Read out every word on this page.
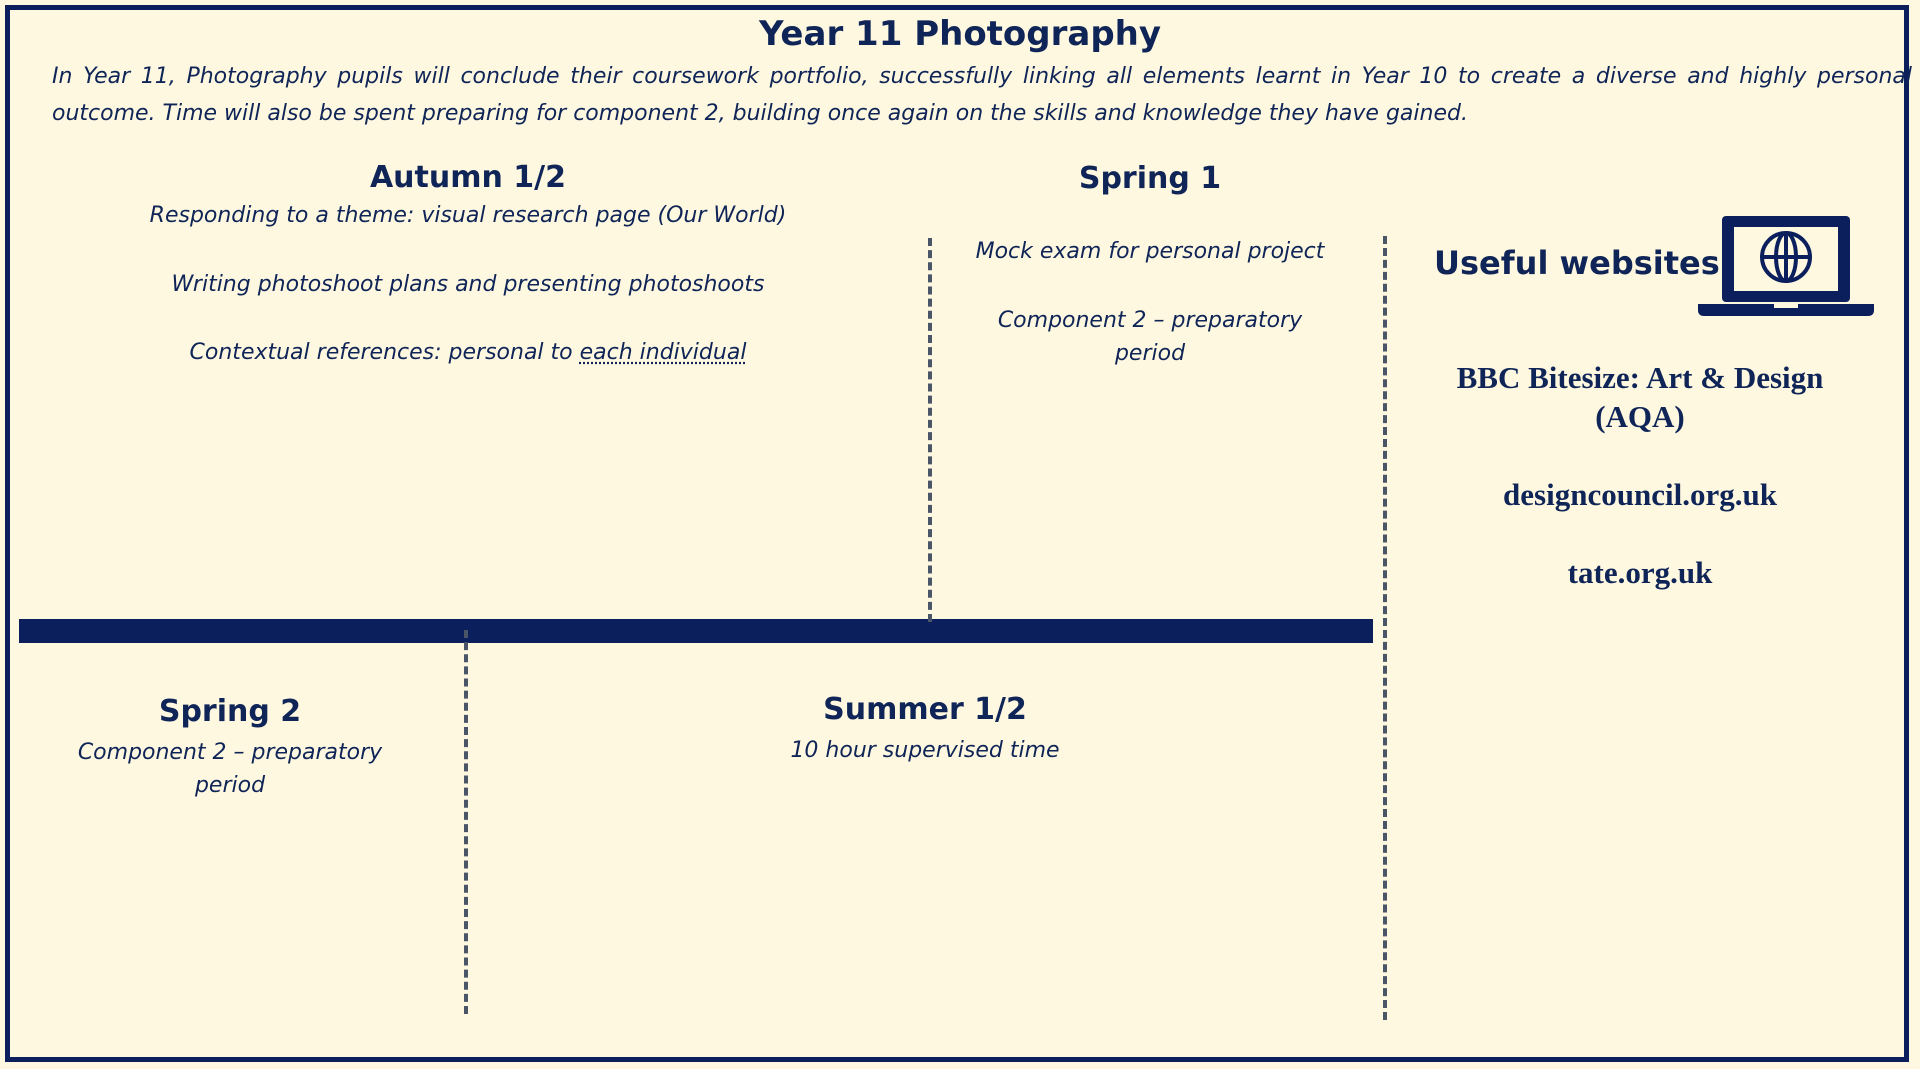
Year 11 Photography
In Year 11, Photography pupils will conclude their coursework portfolio, successfully linking all elements learnt in Year 10 to create a diverse and highly personal outcome. Time will also be spent preparing for component 2, building once again on the skills and knowledge they have gained.
Autumn 1/2
Responding to a theme: visual research page (Our World)
Writing photoshoot plans and presenting photoshoots
Contextual references: personal to each individual
Spring 1
Mock exam for personal project
Component 2 – preparatory
period
Spring 2
Component 2 – preparatory
period
Summer 1/2
10 hour supervised time
Useful websites
BBC Bitesize: Art & Design
(AQA)
designcouncil.org.uk
tate.org.uk
